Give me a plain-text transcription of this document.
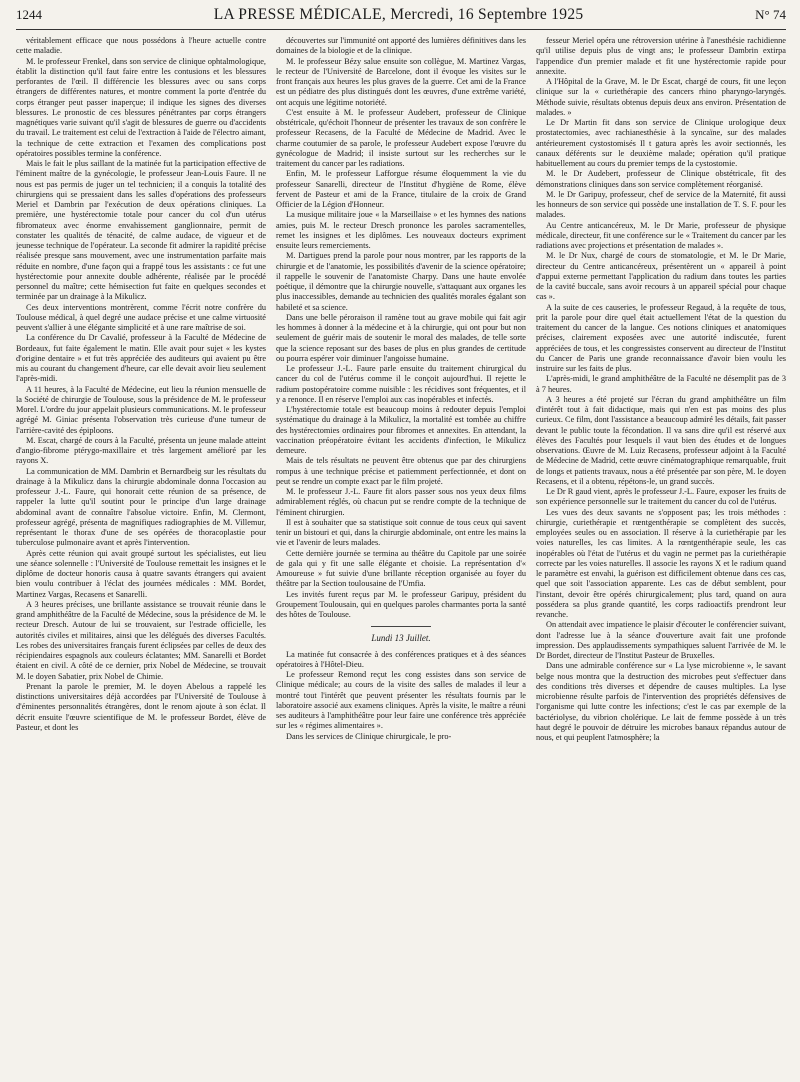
1244	LA PRESSE MÉDICALE, Mercredi, 16 Septembre 1925	N° 74

véritablement efficace que nous possédons à l'heure actuelle contre cette maladie.

M. le professeur Frenkel, dans son service de clinique ophtalmologique, établit la distinction qu'il faut faire entre les contusions et les blessures perforantes de l'œil. Il différencie les blessures avec ou sans corps étrangers de différentes natures, et montre comment la porte d'entrée du corps étranger peut passer inaperçue; il indique les signes des diverses blessures. Le pronostic de ces blessures pénétrantes par corps étrangers magnétiques varie suivant qu'il s'agit de blessures de guerre ou d'accidents du travail. Le traitement est celui de l'extraction à l'aide de l'électro aimant, la technique de cette extraction et l'examen des complications post opératoires possibles termine la conférence.

Mais le fait le plus saillant de la matinée fut la participation effective de l'éminent maître de la gynécologie, le professeur Jean-Louis Faure. Il ne nous est pas permis de juger un tel technicien; il a conquis la totalité des chirurgiens qui se pressaient dans les salles d'opérations des professeurs Meriel et Dambrin par l'exécution de deux opérations cliniques. La première, une hystérectomie totale pour cancer du col d'un utérus fibromateux avec énorme envahissement ganglionnaire, permit de constater les qualités de ténacité, de calme audace, de vigueur et de jeunesse technique de l'opérateur. La seconde fit admirer la rapidité précise réalisée presque sans mouvement, avec une instrumentation parfaite mais réduite en nombre, d'une façon qui a frappé tous les assistants : ce fut une hystérectomie pour annexite double adhérente, réalisée par le procédé personnel du maître; cette hémisection fut faite en quelques secondes et terminée par un drainage à la Mikulicz.

Ces deux interventions montrèrent, comme l'écrit notre confrère du Toulouse médical, à quel degré une audace précise et une calme virtuosité peuvent s'allier à une élégante simplicité et à une rare maîtrise de soi.

La conférence du Dr Cavalié, professeur à la Faculté de Médecine de Bordeaux, fut faite également le matin. Elle avait pour sujet « les kystes d'origine dentaire » et fut très appréciée des auditeurs qui avaient pu être mis au courant du changement d'heure, car elle devait avoir lieu seulement l'après-midi.

A 11 heures, à la Faculté de Médecine, eut lieu la réunion mensuelle de la Société de chirurgie de Toulouse, sous la présidence de M. le professeur Morel. L'ordre du jour appelait plusieurs communications. M. le professeur agrégé M. Giniac présenta l'observation très curieuse d'une tumeur de l'arrière-cavité des épiploons.

M. Escat, chargé de cours à la Faculté, présenta un jeune malade atteint d'angio-fibrome ptérygo-maxillaire et très largement amélioré par les rayons X.

La communication de MM. Dambrin et Bernardbeig sur les résultats du drainage à la Mikulicz dans la chirurgie abdominale donna l'occasion au professeur J.-L. Faure, qui honorait cette réunion de sa présence, de rappeler la lutte qu'il soutint pour le principe d'un large drainage abdominal avant de connaître l'absolue victoire. Enfin, M. Clermont, professeur agrégé, présenta de magnifiques radiographies de M. Villemur, représentant le thorax d'une de ses opérées de thoracoplastie pour tuberculose pulmonaire avant et après l'intervention.

Après cette réunion qui avait groupé surtout les spécialistes, eut lieu une séance solennelle : l'Université de Toulouse remettait les insignes et le diplôme de docteur honoris causa à quatre savants étrangers qui avaient bien voulu contribuer à l'éclat des journées médicales : MM. Bordet, Martinez Vargas, Recasens et Sanarelli.

A 3 heures précises, une brillante assistance se trouvait réunie dans le grand amphithéâtre de la Faculté de Médecine, sous la présidence de M. le recteur Dresch. Autour de lui se trouvaient, sur l'estrade officielle, les autorités civiles et militaires, ainsi que les délégués des diverses Facultés. Les robes des universitaires français furent éclipsées par celles de deux des récipiendaires espagnols aux couleurs éclatantes; MM. Sanarelli et Bordet étaient en civil. A côté de ce dernier, prix Nobel de Médecine, se trouvait M. le doyen Sabatier, prix Nobel de Chimie.

Prenant la parole le premier, M. le doyen Abelous a rappelé les distinctions universitaires déjà accordées par l'Université de Toulouse à d'éminentes personnalités étrangères, dont le renom ajoute à son éclat. Il décrit ensuite l'œuvre scientifique de M. le professeur Bordet, élève de Pasteur, et dont les

découvertes sur l'immunité ont apporté des lumières définitives dans les domaines de la biologie et de la clinique.

M. le professeur Bézy salue ensuite son collègue, M. Martinez Vargas, le recteur de l'Université de Barcelone, dont il évoque les visites sur le front français aux heures les plus graves de la guerre. Cet ami de la France est un pédiatre des plus distingués dont les œuvres, d'une extrême variété, ont acquis une légitime notoriété.

C'est ensuite à M. le professeur Audebert, professeur de Clinique obstétricale, qu'échoit l'honneur de présenter les travaux de son confrère le professeur Recasens, de la Faculté de Médecine de Madrid. Avec le charme coutumier de sa parole, le professeur Audebert expose l'œuvre du gynécologue de Madrid; il insiste surtout sur les recherches sur le traitement du cancer par les radiations.

Enfin, M. le professeur Lafforgue résume éloquemment la vie du professeur Sanarelli, directeur de l'Institut d'hygiène de Rome, élève fervent de Pasteur et ami de la France, titulaire de la croix de Grand Officier de la Légion d'Honneur.

La musique militaire joue « la Marseillaise » et les hymnes des nations amies, puis M. le recteur Dresch prononce les paroles sacramentelles, remet les insignes et les diplômes. Les nouveaux docteurs expriment ensuite leurs remerciements.

M. Dartigues prend la parole pour nous montrer, par les rapports de la chirurgie et de l'anatomie, les possibilités d'avenir de la science opératoire; il rappelle le souvenir de l'anatomiste Charpy. Dans une haute envolée poétique, il démontre que la chirurgie nouvelle, s'attaquant aux organes les plus inaccessibles, demande au technicien des qualités morales égalant son habileté et sa science.

Dans une belle péroraison il ramène tout au grave mobile qui fait agir les hommes à donner à la médecine et à la chirurgie, qui ont pour but non seulement de guérir mais de soutenir le moral des malades, de telle sorte que la science reposant sur des bases de plus en plus grandes de certitude ou pourra espérer voir diminuer l'angoisse humaine.

Le professeur J.-L. Faure parle ensuite du traitement chirurgical du cancer du col de l'utérus comme il le conçoit aujourd'hui. Il rejette le radium postopératoire comme nuisible : les récidives sont fréquentes, et il y a renonce. Il en réserve l'emploi aux cas inopérables et infectés.

L'hystérectomie totale est beaucoup moins à redouter depuis l'emploi systématique du drainage à la Mikulicz, la mortalité est tombée au chiffre des hystérectomies ordinaires pour fibromes et annexites. En attendant, la vaccination préopératoire évitant les accidents d'infection, le Mikulicz demeure.

Mais de tels résultats ne peuvent être obtenus que par des chirurgiens rompus à une technique précise et patiemment perfectionnée, et dont on peut se rendre un compte exact par le film projeté.

M. le professeur J.-L. Faure fit alors passer sous nos yeux deux films admirablement réglés, où chacun put se rendre compte de la technique de l'éminent chirurgien.

Il est à souhaiter que sa statistique soit connue de tous ceux qui savent tenir un bistouri et qui, dans la chirurgie abdominale, ont entre les mains la vie et l'avenir de leurs malades.

Cette dernière journée se termina au théâtre du Capitole par une soirée de gala qui y fit une salle élégante et choisie. La représentation d'« Amoureuse » fut suivie d'une brillante réception organisée au foyer du théâtre par la Section toulousaine de l'Umfia.

Les invités furent reçus par M. le professeur Garipuy, président du Groupement Toulousain, qui en quelques paroles charmantes porta la santé des hôtes de Toulouse.

Lundi 13 Juillet.

La matinée fut consacrée à des conférences pratiques et à des séances opératoires à l'Hôtel-Dieu.

Le professeur Remond reçut les cong essistes dans son service de Clinique médicale; au cours de la visite des salles de malades il leur a montré tout l'intérêt que peuvent présenter les résultats fournis par le laboratoire associé aux examens cliniques. Après la visite, le maître a réuni ses auditeurs à l'amphithéâtre pour leur faire une conférence très appréciée sur les « régimes alimentaires ».

Dans les services de Clinique chirurgicale, le pro-

fesseur Meriel opéra une rétroversion utérine à l'anesthésie rachidienne qu'il utilise depuis plus de vingt ans; le professeur Dambrin extirpa l'appendice d'un premier malade et fit une hystérectomie rapide pour annexite.

A l'Hôpital de la Grave, M. le Dr Escat, chargé de cours, fit une leçon clinique sur la « curiethérapie des cancers rhino pharyngo-laryngés. Méthode suivie, résultats obtenus depuis deux ans environ. Présentation de malades. »

Le Dr Martin fit dans son service de Clinique urologique deux prostatectomies, avec rachianesthésie à la syncaïne, sur des malades antérieurement cystostomisés Il t gatura après les avoir sectionnés, les canaux déférents sur le deuxième malade; opération qu'il pratique habituellement au cours du premier temps de la cystostomie.

M. le Dr Audebert, professeur de Clinique obstétricale, fit des démonstrations cliniques dans son service complètement réorganisé.

M. le Dr Garipuy, professeur, chef de service de la Maternité, fit aussi les honneurs de son service qui possède une installation de T. S. F. pour les malades.

Au Centre anticancéreux, M. le Dr Marie, professeur de physique médicale, directeur, fit une conférence sur le « Traitement du cancer par les radiations avec projections et présentation de malades ».

M. le Dr Nux, chargé de cours de stomatologie, et M. le Dr Marie, directeur du Centre anticancéreux, présentèrent un « appareil à point d'appui externe permettant l'application du radium dans toutes les parties de la cavité buccale, sans avoir recours à un appareil spécial pour chaque cas ».

A la suite de ces causeries, le professeur Regaud, à la requête de tous, prit la parole pour dire quel était actuellement l'état de la question du traitement du cancer de la langue. Ces notions cliniques et anatomiques précises, clairement exposées avec une autorité indiscutée, furent appréciées de tous, et les congressistes conservent au directeur de l'Institut du Cancer de Paris une grande reconnaissance d'avoir bien voulu les instruire sur les faits de plus.

L'après-midi, le grand amphithéâtre de la Faculté ne désemplit pas de 3 à 7 heures.

A 3 heures a été projeté sur l'écran du grand amphithéâtre un film d'intérêt tout à fait didactique, mais qui n'en est pas moins des plus curieux. Ce film, dont l'assistance a beaucoup admiré les détails, fait passer devant le public toute la fécondation. Il va sans dire qu'il est réservé aux élèves des Facultés pour lesquels il vaut bien des études et de longues observations. Œuvre de M. Luiz Recasens, professeur adjoint à la Faculté de Médecine de Madrid, cette œuvre cinématographique remarquable, fruit de longs et patients travaux, nous a été présentée par son père, M. le doyen Recasens, et il a obtenu, répétons-le, un grand succès.

Le Dr R gaud vient, après le professeur J.-L. Faure, exposer les fruits de son expérience personnelle sur le traitement du cancer du col de l'utérus.

Les vues des deux savants ne s'opposent pas; les trois méthodes : chirurgie, curiethérapie et rœntgenthérapie se complètent des succès, employées seules ou en association. Il réserve à la curiethérapie par les voies naturelles, les cas limites. A la rœntgenthérapie seule, les cas inopérables où l'état de l'utérus et du vagin ne permet pas la curiethérapie correcte par les voies naturelles. Il associe les rayons X et le radium quand le paramètre est envahi, la guérison est difficilement obtenue dans ces cas, quel que soit l'association apparente. Les cas de début semblent, pour l'instant, devoir être opérés chirurgicalement; plus tard, quand on aura possédera sa plus grande quantité, les corps radioactifs prendront leur revanche.

On attendait avec impatience le plaisir d'écouter le conférencier suivant, dont l'adresse lue à la séance d'ouverture avait fait une profonde impression. Des applaudissements sympathiques saluent l'arrivée de M. le Dr Bordet, directeur de l'Institut Pasteur de Bruxelles.

Dans une admirable conférence sur « La lyse microbienne », le savant belge nous montra que la destruction des microbes peut s'effectuer dans des conditions très diverses et dépendre de causes multiples. La lyse microbienne résulte parfois de l'intervention des propriétés défensives de l'organisme qui lutte contre les infections; c'est le cas par exemple de la bactériolyse, du vibrion cholérique. Le lait de femme possède à un très haut degré le pouvoir de détruire les microbes banaux répandus autour de nous, et qui peuplent l'atmosphère; la
